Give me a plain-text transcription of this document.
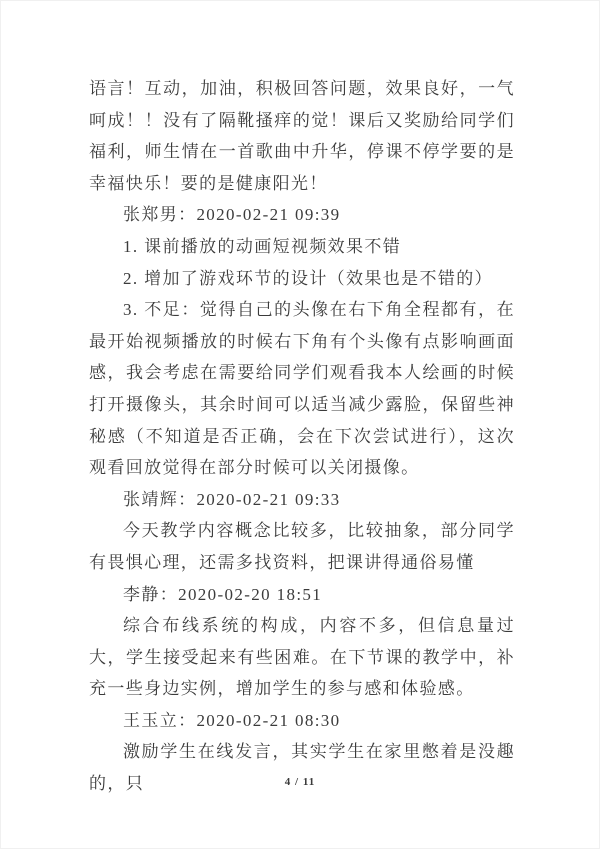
语言！互动，加油，积极回答问题，效果良好，一气呵成！！没有了隔靴搔痒的觉！课后又奖励给同学们福利，师生情在一首歌曲中升华，停课不停学要的是幸福快乐！要的是健康阳光！

张郑男：2020-02-21 09:39

1. 课前播放的动画短视频效果不错

2. 增加了游戏环节的设计（效果也是不错的）

3. 不足：觉得自己的头像在右下角全程都有，在最开始视频播放的时候右下角有个头像有点影响画面感，我会考虑在需要给同学们观看我本人绘画的时候打开摄像头，其余时间可以适当减少露脸，保留些神秘感（不知道是否正确，会在下次尝试进行），这次观看回放觉得在部分时候可以关闭摄像。

张靖辉：2020-02-21 09:33

今天教学内容概念比较多，比较抽象，部分同学有畏惧心理，还需多找资料，把课讲得通俗易懂

李静：2020-02-20 18:51

综合布线系统的构成，内容不多，但信息量过大，学生接受起来有些困难。在下节课的教学中，补充一些身边实例，增加学生的参与感和体验感。

王玉立：2020-02-21 08:30

激励学生在线发言，其实学生在家里憋着是没趣的，只	4 / 11
